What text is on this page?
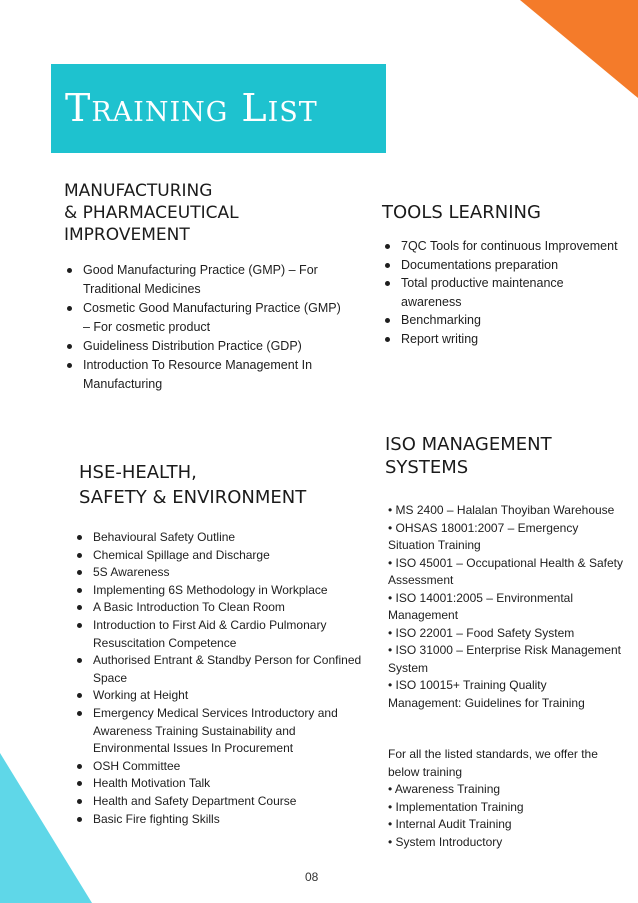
Training List
MANUFACTURING
& PHARMACEUTICAL
IMPROVEMENT
Good Manufacturing Practice (GMP) – For Traditional Medicines
Cosmetic Good Manufacturing Practice (GMP) – For cosmetic product
Guideliness Distribution Practice (GDP)
Introduction To Resource Management In Manufacturing
TOOLS LEARNING
7QC Tools for continuous Improvement
Documentations preparation
Total productive maintenance awareness
Benchmarking
Report writing
HSE-HEALTH,
SAFETY & ENVIRONMENT
Behavioural Safety Outline
Chemical Spillage and Discharge
5S Awareness
Implementing 6S Methodology in Workplace
A Basic Introduction To Clean Room
Introduction to First Aid & Cardio Pulmonary Resuscitation Competence
Authorised Entrant & Standby Person for Confined Space
Working at Height
Emergency Medical Services Introductory and Awareness Training Sustainability and Environmental Issues In Procurement
OSH Committee
Health Motivation Talk
Health and Safety Department Course
Basic Fire fighting Skills
ISO MANAGEMENT
SYSTEMS
• MS 2400 – Halalan Thoyiban Warehouse
• OHSAS 18001:2007 – Emergency Situation Training
• ISO 45001 – Occupational Health & Safety Assessment
• ISO 14001:2005 – Environmental Management
• ISO 22001 – Food Safety System
• ISO 31000 – Enterprise Risk Management System
• ISO 10015+ Training Quality Management: Guidelines for Training
For all the listed standards, we offer the below training
• Awareness Training
• Implementation Training
• Internal Audit Training
• System Introductory

08
